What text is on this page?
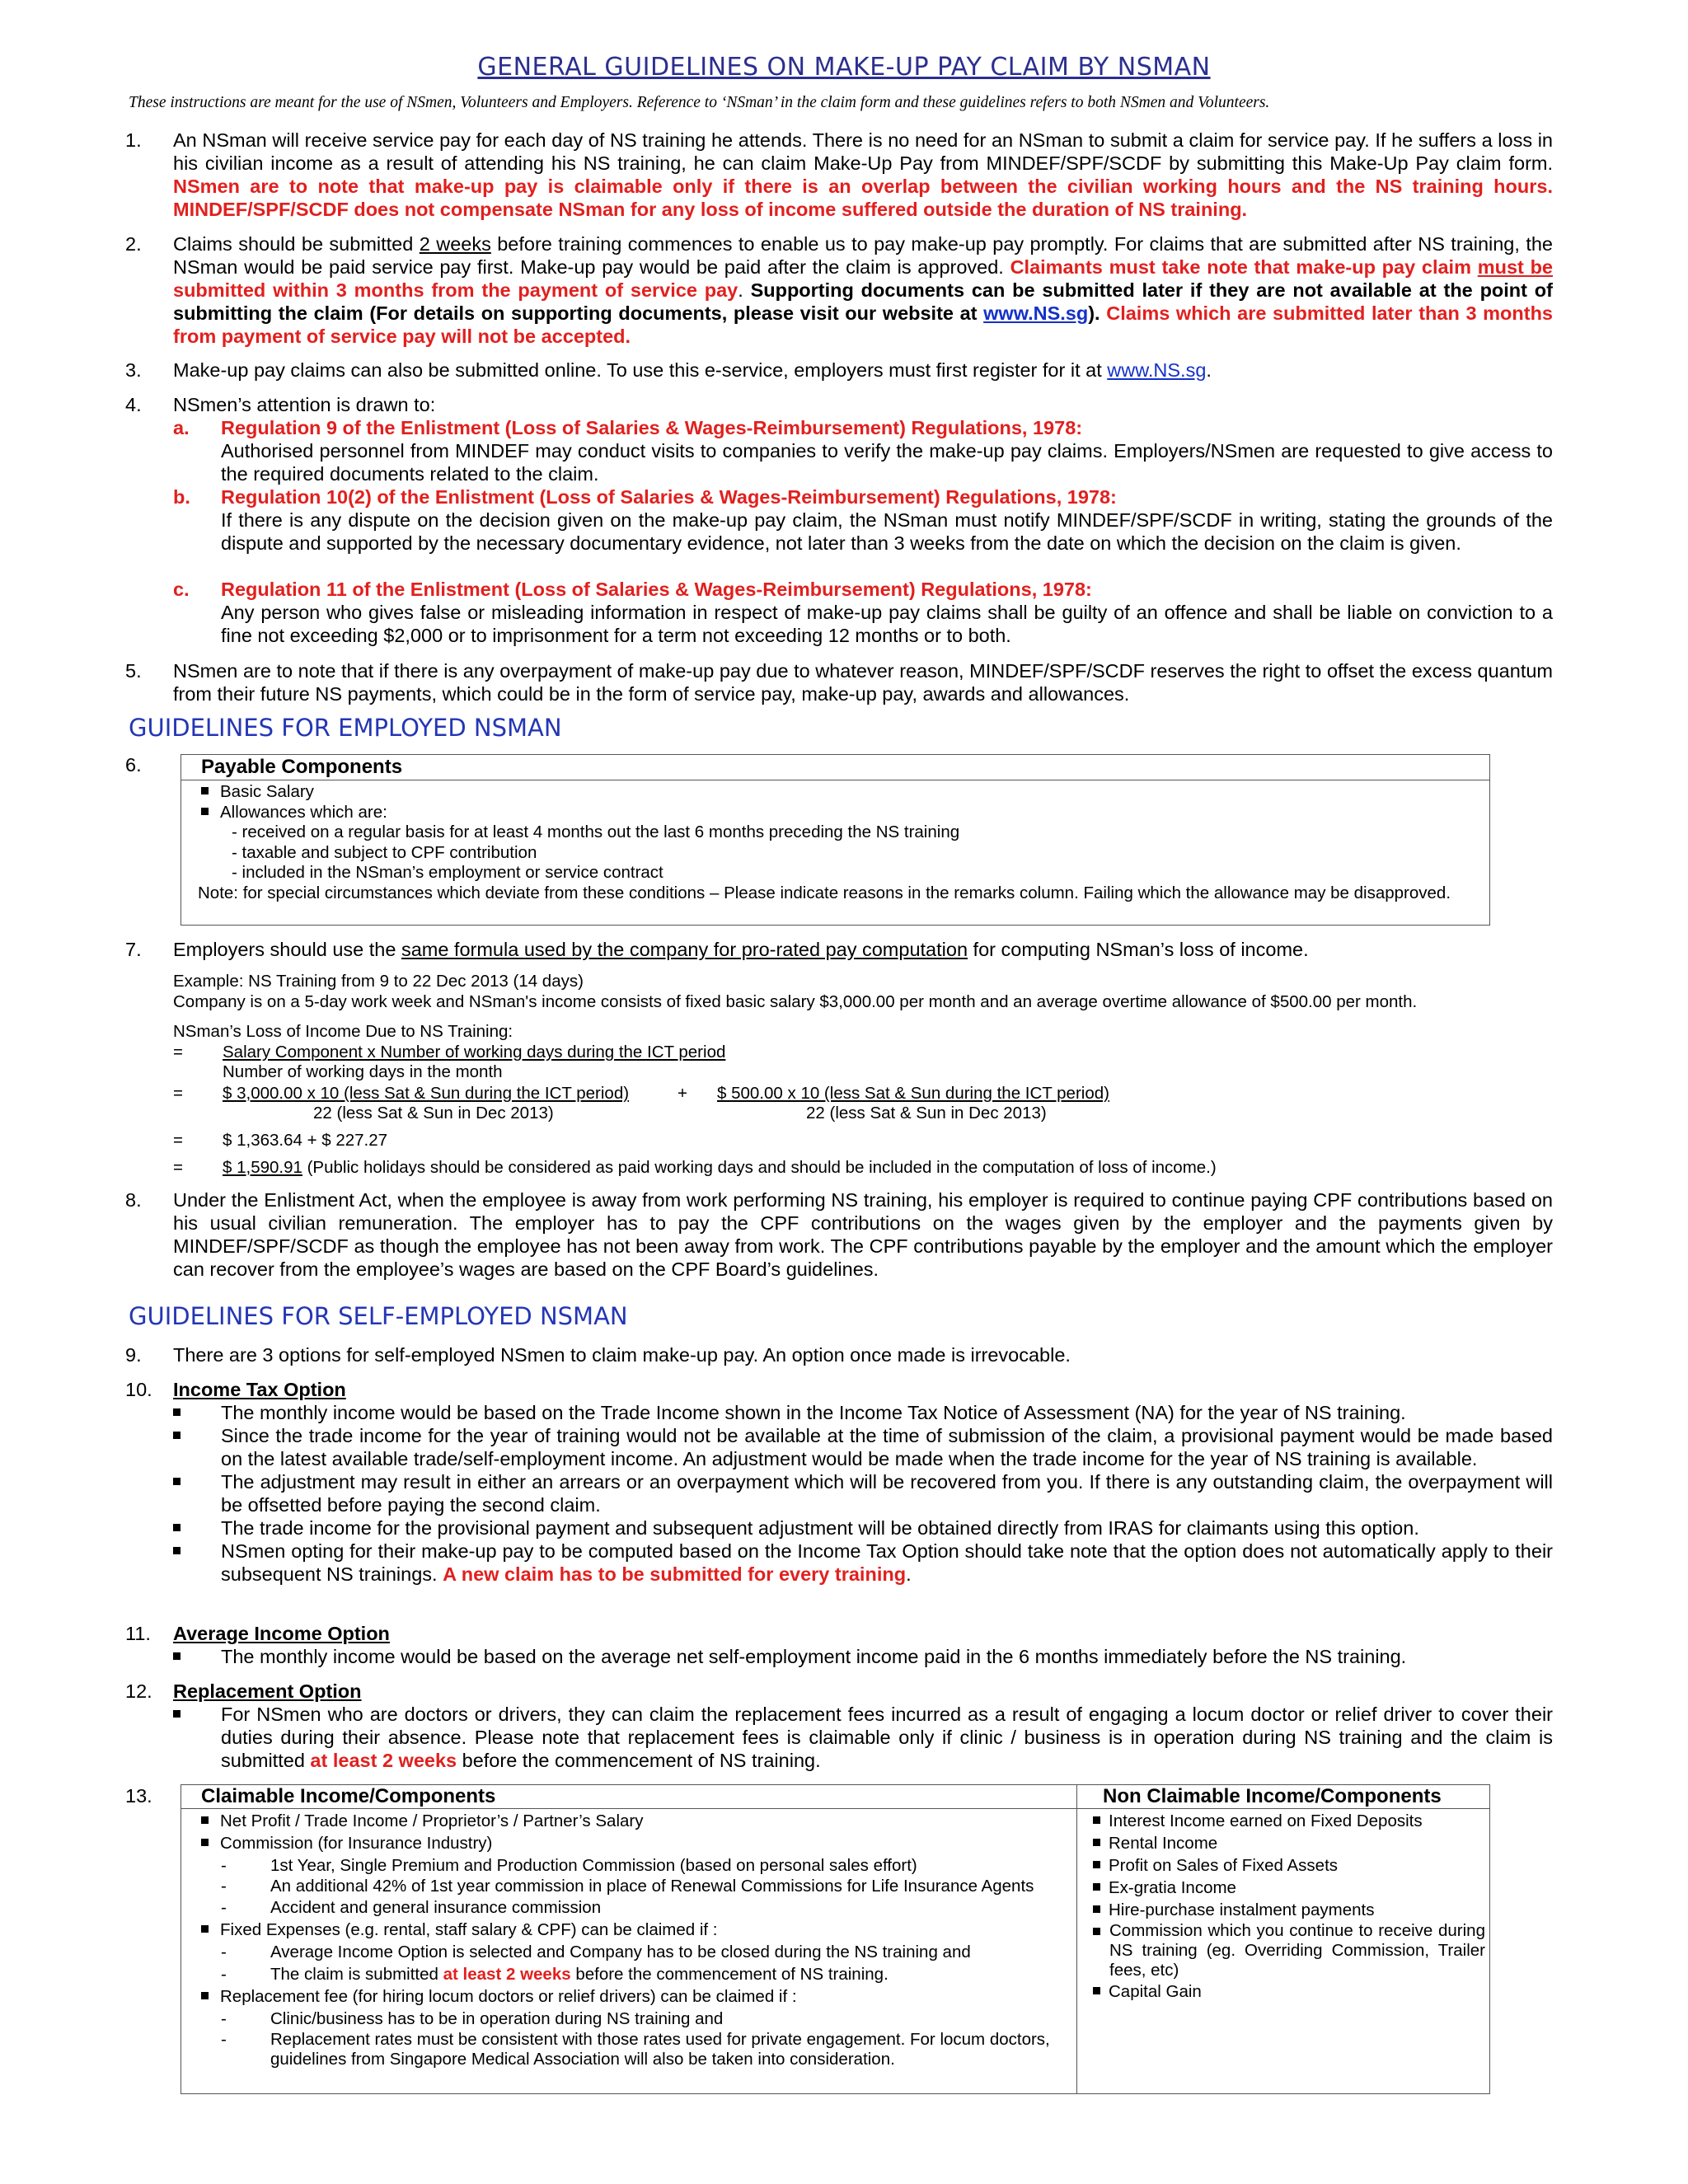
GENERAL GUIDELINES ON MAKE-UP PAY CLAIM BY NSMAN
These instructions are meant for the use of NSmen, Volunteers and Employers. Reference to ‘NSman’ in the claim form and these guidelines refers to both NSmen and Volunteers.
1.	An NSman will receive service pay for each day of NS training he attends. There is no need for an NSman to submit a claim for service pay. If he suffers a loss in his civilian income as a result of attending his NS training, he can claim Make-Up Pay from MINDEF/SPF/SCDF by submitting this Make-Up Pay claim form. NSmen are to note that make-up pay is claimable only if there is an overlap between the civilian working hours and the NS training hours. MINDEF/SPF/SCDF does not compensate NSman for any loss of income suffered outside the duration of NS training.
2.	Claims should be submitted 2 weeks before training commences to enable us to pay make-up pay promptly. For claims that are submitted after NS training, the NSman would be paid service pay first. Make-up pay would be paid after the claim is approved. Claimants must take note that make-up pay claim must be submitted within 3 months from the payment of service pay. Supporting documents can be submitted later if they are not available at the point of submitting the claim (For details on supporting documents, please visit our website at www.NS.sg). Claims which are submitted later than 3 months from payment of service pay will not be accepted.
3.	Make-up pay claims can also be submitted online. To use this e-service, employers must first register for it at www.NS.sg.
4.	NSmen’s attention is drawn to:
a. Regulation 9 of the Enlistment (Loss of Salaries & Wages-Reimbursement) Regulations, 1978:
Authorised personnel from MINDEF may conduct visits to companies to verify the make-up pay claims. Employers/NSmen are requested to give access to the required documents related to the claim.
b. Regulation 10(2) of the Enlistment (Loss of Salaries & Wages-Reimbursement) Regulations, 1978:
If there is any dispute on the decision given on the make-up pay claim, the NSman must notify MINDEF/SPF/SCDF in writing, stating the grounds of the dispute and supported by the necessary documentary evidence, not later than 3 weeks from the date on which the decision on the claim is given.
c. Regulation 11 of the Enlistment (Loss of Salaries & Wages-Reimbursement) Regulations, 1978:
Any person who gives false or misleading information in respect of make-up pay claims shall be guilty of an offence and shall be liable on conviction to a fine not exceeding $2,000 or to imprisonment for a term not exceeding 12 months or to both.
5.	NSmen are to note that if there is any overpayment of make-up pay due to whatever reason, MINDEF/SPF/SCDF reserves the right to offset the excess quantum from their future NS payments, which could be in the form of service pay, make-up pay, awards and allowances.
GUIDELINES FOR EMPLOYED NSMAN
6.	Payable Components
Basic Salary
Allowances which are:
- received on a regular basis for at least 4 months out the last 6 months preceding the NS training
- taxable and subject to CPF contribution
- included in the NSman’s employment or service contract
Note: for special circumstances which deviate from these conditions – Please indicate reasons in the remarks column. Failing which the allowance may be disapproved.
7.	Employers should use the same formula used by the company for pro-rated pay computation for computing NSman’s loss of income.
Example: NS Training from 9 to 22 Dec 2013 (14 days)
Company is on a 5-day work week and NSman's income consists of fixed basic salary $3,000.00 per month and an average overtime allowance of $500.00 per month.
NSman’s Loss of Income Due to NS Training:
= Salary Component x Number of working days during the ICT period
Number of working days in the month
= $ 3,000.00 x 10 (less Sat & Sun during the ICT period)	+ $ 500.00 x 10 (less Sat & Sun during the ICT period)
22 (less Sat & Sun in Dec 2013)	22 (less Sat & Sun in Dec 2013)
= $ 1,363.64 + $ 227.27
= $ 1,590.91 (Public holidays should be considered as paid working days and should be included in the computation of loss of income.)
8.	Under the Enlistment Act, when the employee is away from work performing NS training, his employer is required to continue paying CPF contributions based on his usual civilian remuneration. The employer has to pay the CPF contributions on the wages given by the employer and the payments given by MINDEF/SPF/SCDF as though the employee has not been away from work. The CPF contributions payable by the employer and the amount which the employer can recover from the employee’s wages are based on the CPF Board’s guidelines.
GUIDELINES FOR SELF-EMPLOYED NSMAN
9.	There are 3 options for self-employed NSmen to claim make-up pay. An option once made is irrevocable.
10.	Income Tax Option
The monthly income would be based on the Trade Income shown in the Income Tax Notice of Assessment (NA) for the year of NS training.
Since the trade income for the year of training would not be available at the time of submission of the claim, a provisional payment would be made based on the latest available trade/self-employment income. An adjustment would be made when the trade income for the year of NS training is available.
The adjustment may result in either an arrears or an overpayment which will be recovered from you. If there is any outstanding claim, the overpayment will be offsetted before paying the second claim.
The trade income for the provisional payment and subsequent adjustment will be obtained directly from IRAS for claimants using this option.
NSmen opting for their make-up pay to be computed based on the Income Tax Option should take note that the option does not automatically apply to their subsequent NS trainings. A new claim has to be submitted for every training.
11.	Average Income Option
The monthly income would be based on the average net self-employment income paid in the 6 months immediately before the NS training.
12.	Replacement Option
For NSmen who are doctors or drivers, they can claim the replacement fees incurred as a result of engaging a locum doctor or relief driver to cover their duties during their absence. Please note that replacement fees is claimable only if clinic / business is in operation during NS training and the claim is submitted at least 2 weeks before the commencement of NS training.
13.	Claimable Income/Components	Non Claimable Income/Components
Net Profit / Trade Income / Proprietor’s / Partner’s Salary
Commission (for Insurance Industry)
-	1st Year, Single Premium and Production Commission (based on personal sales effort)
-	An additional 42% of 1st year commission in place of Renewal Commissions for Life Insurance Agents
-	Accident and general insurance commission
Fixed Expenses (e.g. rental, staff salary & CPF) can be claimed if :
-	Average Income Option is selected and Company has to be closed during the NS training and
-	The claim is submitted at least 2 weeks before the commencement of NS training.
Replacement fee (for hiring locum doctors or relief drivers) can be claimed if :
-	Clinic/business has to be in operation during NS training and
-	Replacement rates must be consistent with those rates used for private engagement. For locum doctors, guidelines from Singapore Medical Association will also be taken into consideration.
Interest Income earned on Fixed Deposits
Rental Income
Profit on Sales of Fixed Assets
Ex-gratia Income
Hire-purchase instalment payments
Commission which you continue to receive during NS training (eg. Overriding Commission, Trailer fees, etc)
Capital Gain
